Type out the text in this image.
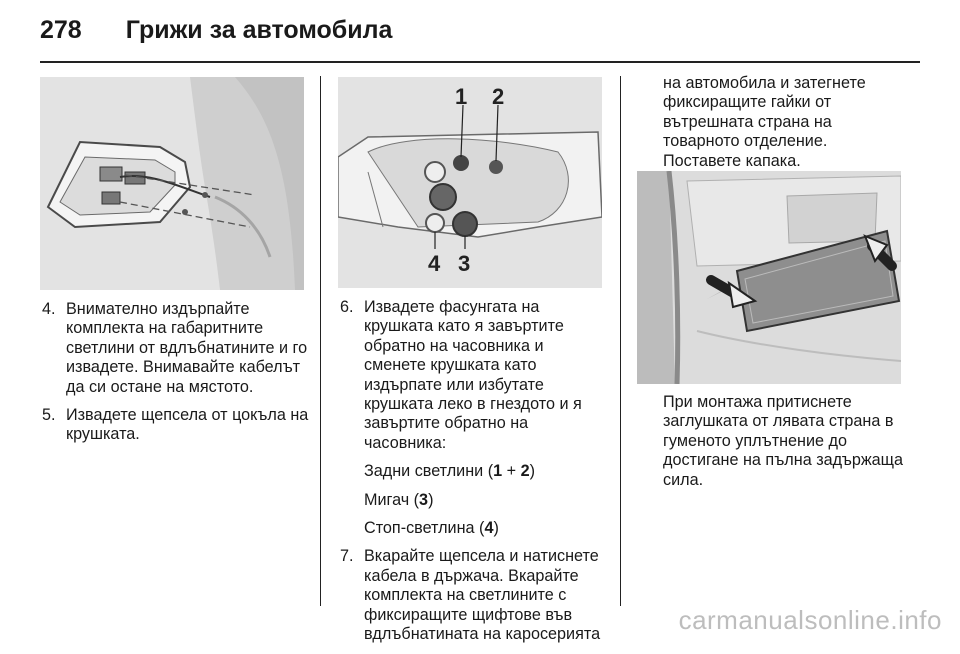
278 Грижи за автомобила
1 2
4 3
4. Внимателно издърпайте
комплекта на габаритните
светлини от вдлъбнатините и го
извадете. Внимавайте кабелът
да си остане на мястото.
5. Извадете щепсела от цокъла на
крушката.
6. Извадете фасунгата на
крушката като я завъртите
обратно на часовника и
сменете крушката като
издърпате или избутате
крушката леко в гнездото и я
завъртите обратно на
часовника:
Задни светлини (1 + 2)
Мигач (3)
Стоп-светлина (4)
7. Вкарайте щепсела и натиснете
кабела в държача. Вкарайте
комплекта на светлините с
фиксиращите щифтове във
вдлъбнатината на каросерията
на автомобила и затегнете
фиксиращите гайки от
вътрешната страна на
товарното отделение.
Поставете капака.
При монтажа притиснете
заглушката от лявата страна в
гуменото уплътнение до
достигане на пълна задържаща
сила.
carmanualsonline.info
